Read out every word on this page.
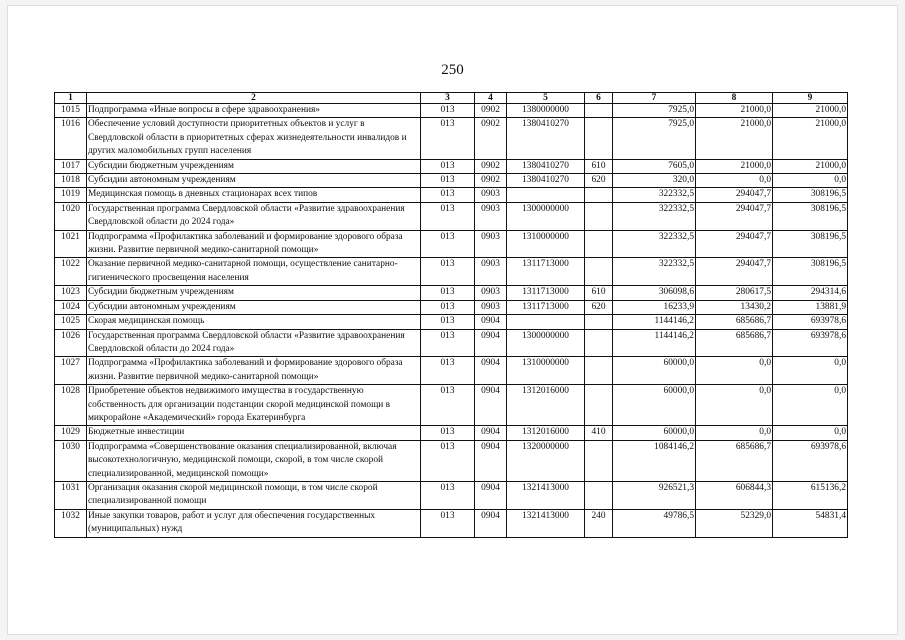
250
1	2	3	4	5	6	7	8	9
1015	Подпрограмма «Иные вопросы в сфере здравоохранения»	013	0902	1380000000		7925,0	21000,0	21000,0
1016	Обеспечение условий доступности приоритетных объектов и услуг в Свердловской области в приоритетных сферах жизнедеятельности инвалидов и других маломобильных групп населения	013	0902	1380410270		7925,0	21000,0	21000,0
1017	Субсидии бюджетным учреждениям	013	0902	1380410270	610	7605,0	21000,0	21000,0
1018	Субсидии автономным учреждениям	013	0902	1380410270	620	320,0	0,0	0,0
1019	Медицинская помощь в дневных стационарах всех типов	013	0903			322332,5	294047,7	308196,5
1020	Государственная программа Свердловской области «Развитие здравоохранения Свердловской области до 2024 года»	013	0903	1300000000		322332,5	294047,7	308196,5
1021	Подпрограмма «Профилактика заболеваний и формирование здорового образа жизни. Развитие первичной медико-санитарной помощи»	013	0903	1310000000		322332,5	294047,7	308196,5
1022	Оказание первичной медико-санитарной помощи, осуществление санитарно-гигиенического просвещения населения	013	0903	1311713000		322332,5	294047,7	308196,5
1023	Субсидии бюджетным учреждениям	013	0903	1311713000	610	306098,6	280617,5	294314,6
1024	Субсидии автономным учреждениям	013	0903	1311713000	620	16233,9	13430,2	13881,9
1025	Скорая медицинская помощь	013	0904			1144146,2	685686,7	693978,6
1026	Государственная программа Свердловской области «Развитие здравоохранения Свердловской области до 2024 года»	013	0904	1300000000		1144146,2	685686,7	693978,6
1027	Подпрограмма «Профилактика заболеваний и формирование здорового образа жизни. Развитие первичной медико-санитарной помощи»	013	0904	1310000000		60000,0	0,0	0,0
1028	Приобретение объектов недвижимого имущества в государственную собственность для организации подстанции скорой медицинской помощи в микрорайоне «Академический» города Екатеринбурга	013	0904	1312016000		60000,0	0,0	0,0
1029	Бюджетные инвестиции	013	0904	1312016000	410	60000,0	0,0	0,0
1030	Подпрограмма «Совершенствование оказания специализированной, включая высокотехнологичную, медицинской помощи, скорой, в том числе скорой специализированной, медицинской помощи»	013	0904	1320000000		1084146,2	685686,7	693978,6
1031	Организация оказания скорой медицинской помощи, в том числе скорой специализированной помощи	013	0904	1321413000		926521,3	606844,3	615136,2
1032	Иные закупки товаров, работ и услуг для обеспечения государственных (муниципальных) нужд	013	0904	1321413000	240	49786,5	52329,0	54831,4
